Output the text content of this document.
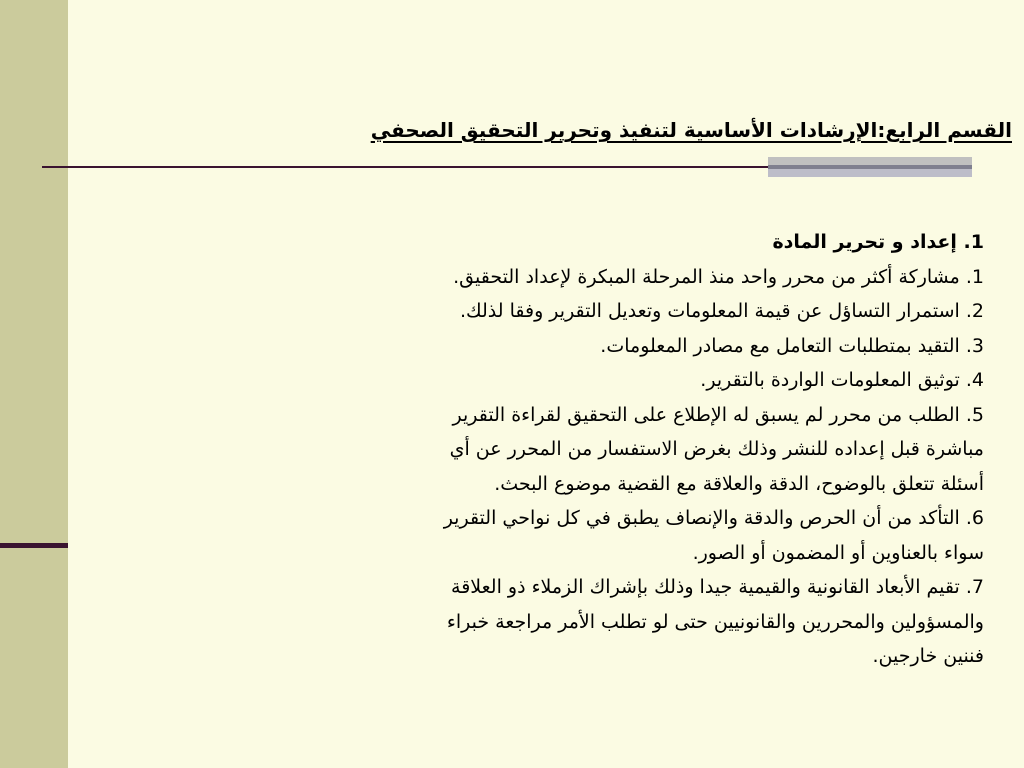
القسم الرابع:الإرشادات الأساسية لتنفيذ وتحرير التحقيق الصحفي
1. إعداد و تحرير المادة
1. مشاركة أكثر من محرر واحد منذ المرحلة المبكرة لإعداد التحقيق.
2. استمرار التساؤل عن قيمة المعلومات وتعديل التقرير وفقا لذلك.
3. التقيد بمتطلبات التعامل مع مصادر المعلومات.
4. توثيق المعلومات الواردة بالتقرير.
5. الطلب من محرر لم يسبق له الإطلاع على التحقيق لقراءة التقرير
مباشرة قبل إعداده للنشر وذلك بغرض الاستفسار من المحرر عن أي
أسئلة تتعلق بالوضوح، الدقة والعلاقة مع القضية موضوع البحث.
6. التأكد من أن الحرص والدقة والإنصاف يطبق في كل نواحي التقرير
سواء بالعناوين أو المضمون أو الصور.
7. تقيم الأبعاد القانونية والقيمية جيدا وذلك بإشراك الزملاء ذو العلاقة
والمسؤولين والمحررين والقانونيين حتى لو تطلب الأمر مراجعة خبراء
فننين خارجين.
